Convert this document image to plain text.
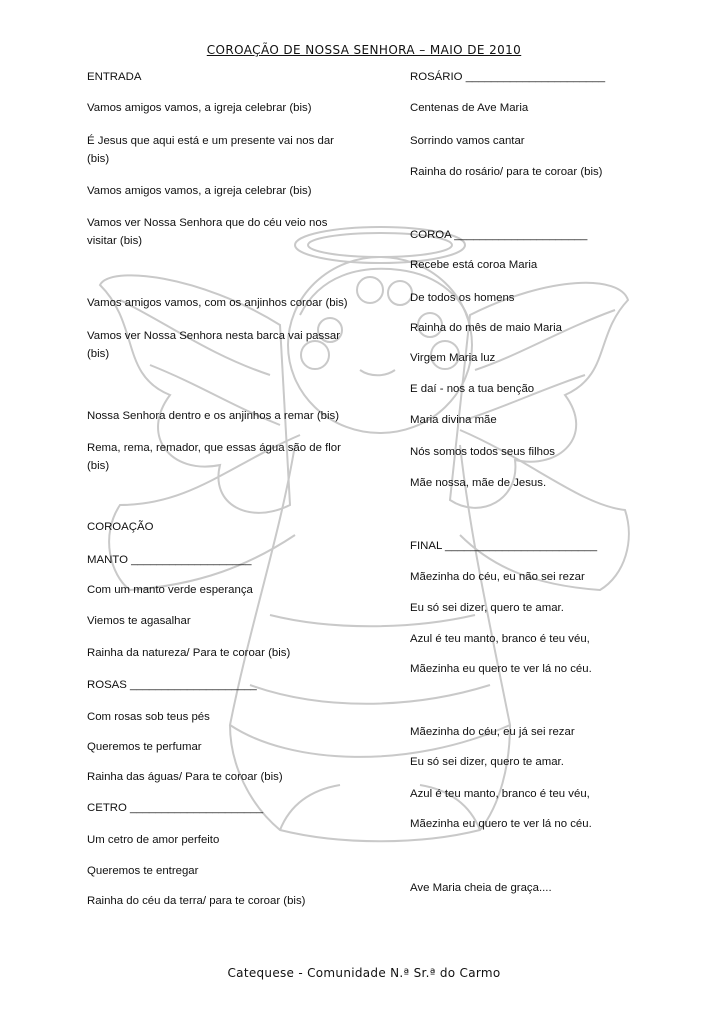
COROAÇÃO DE NOSSA SENHORA – MAIO DE 2010
ENTRADA
Vamos amigos vamos, a igreja celebrar (bis)
É Jesus que aqui está e um presente vai nos dar
(bis)
Vamos amigos vamos, a igreja celebrar (bis)
Vamos ver Nossa Senhora que do céu veio nos
visitar (bis)
Vamos amigos vamos, com os anjinhos coroar (bis)
Vamos ver Nossa Senhora nesta barca vai passar
(bis)
Nossa Senhora dentro e os anjinhos a remar (bis)
Rema, rema, remador, que essas água são de flor
(bis)
COROAÇÃO
MANTO ___________________
Com um manto verde esperança
Viemos te agasalhar
Rainha da natureza/ Para te coroar (bis)
ROSAS ____________________
Com rosas sob teus pés
Queremos te perfumar
Rainha das águas/ Para te coroar (bis)
CETRO _____________________
Um cetro de amor perfeito
Queremos te entregar
Rainha do céu da terra/ para te coroar (bis)
ROSÁRIO ______________________
Centenas de Ave Maria
Sorrindo vamos cantar
Rainha do rosário/ para te coroar (bis)
COROA _____________________
Recebe está coroa Maria
De todos os homens
Rainha do mês de maio Maria
Virgem Maria luz
E daí - nos a tua benção
Maria divina mãe
Nós somos todos seus filhos
Mãe nossa, mãe de Jesus.
FINAL ________________________
Mãezinha do céu, eu não sei rezar
Eu só sei dizer, quero te amar.
Azul é teu manto, branco é teu véu,
Mãezinha eu quero te ver lá no céu.
Mãezinha do céu, eu já sei rezar
Eu só sei dizer, quero te amar.
Azul é teu manto, branco é teu véu,
Mãezinha eu quero te ver lá no céu.
Ave Maria cheia de graça....
Catequese - Comunidade N.ª Sr.ª do Carmo
